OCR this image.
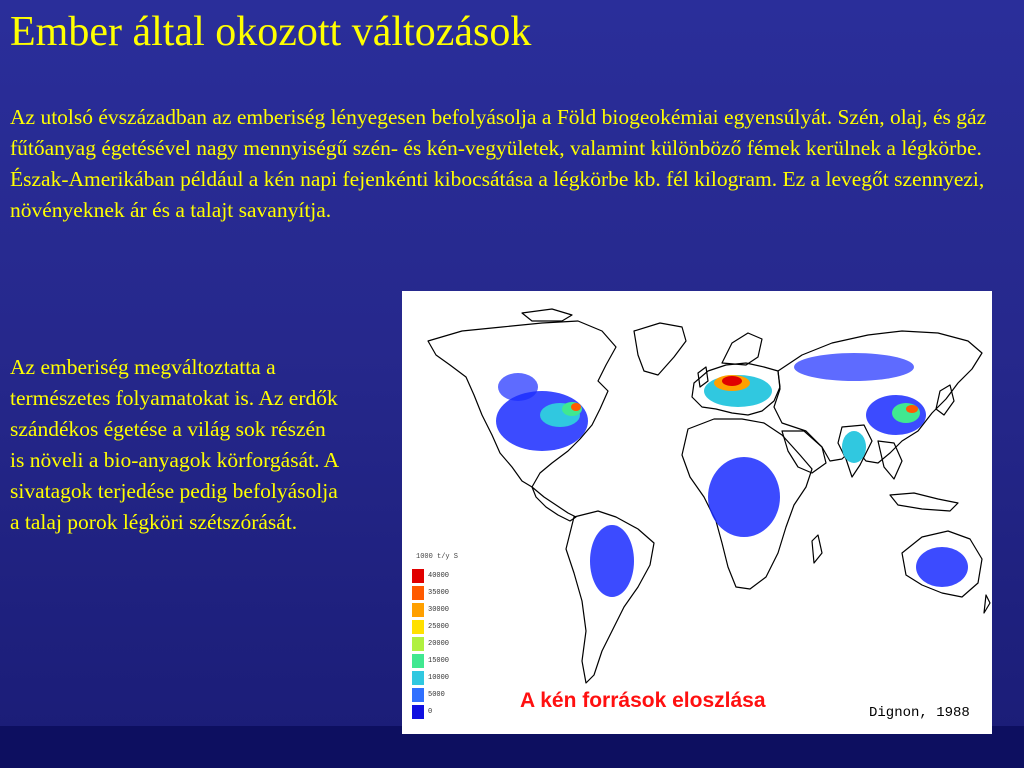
Ember által okozott változások

Az utolsó évszázadban az emberiség lényegesen befolyásolja a Föld biogeokémiai egyensúlyát. Szén, olaj, és gáz fűtőanyag égetésével nagy mennyiségű szén- és kén-vegyületek, valamint különböző fémek kerülnek a légkörbe. Észak-Amerikában például a kén napi fejenkénti kibocsátása a légkörbe kb. fél kilogram. Ez a levegőt szennyezi, növényeknek ár és a talajt savanyítja.

Az emberiség megváltoztatta a természetes folyamatokat is. Az erdők szándékos égetése a világ sok részén is növeli a bio-anyagok körforgását. A sivatagok terjedése pedig befolyásolja a talaj porok légköri szétszórását.

1000 t/y S
40000
35000
30000
25000
20000
15000
10000
5000
0	A kén források eloszlása
Dignon, 1988
